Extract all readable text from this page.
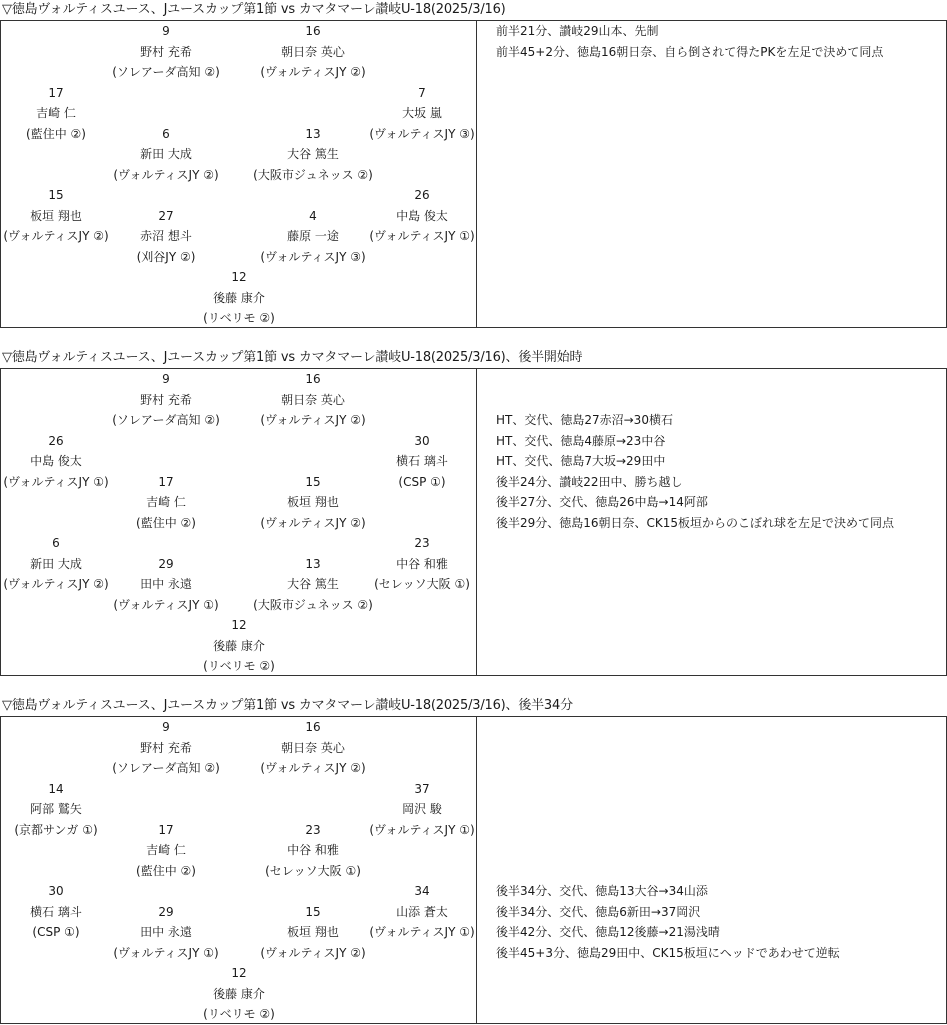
▽徳島ヴォルティスユース、Jユースカップ第1節 vs カマタマーレ讃岐U-18(2025/3/16)
9
野村 充希
(ソレアーダ高知 ②)
16
朝日奈 英心
(ヴォルティスJY ②)
17
吉崎 仁
(藍住中 ②)
7
大坂 嵐
(ヴォルティスJY ③)
6
新田 大成
(ヴォルティスJY ②)
13
大谷 篤生
(大阪市ジュネッス ②)
15
板垣 翔也
(ヴォルティスJY ②)
26
中島 俊太
(ヴォルティスJY ①)
27
赤沼 想斗
(刈谷JY ②)
4
藤原 一途
(ヴォルティスJY ③)
12
後藤 康介
(リベリモ ②)
前半21分、讃岐29山本、先制
前半45+2分、徳島16朝日奈、自ら倒されて得たPKを左足で決めて同点
▽徳島ヴォルティスユース、Jユースカップ第1節 vs カマタマーレ讃岐U-18(2025/3/16)、後半開始時
9
野村 充希
(ソレアーダ高知 ②)
16
朝日奈 英心
(ヴォルティスJY ②)
26
中島 俊太
(ヴォルティスJY ①)
30
横石 璃斗
(CSP ①)
17
吉崎 仁
(藍住中 ②)
15
板垣 翔也
(ヴォルティスJY ②)
6
新田 大成
(ヴォルティスJY ②)
23
中谷 和雅
(セレッソ大阪 ①)
29
田中 永遠
(ヴォルティスJY ①)
13
大谷 篤生
(大阪市ジュネッス ②)
12
後藤 康介
(リベリモ ②)
HT、交代、徳島27赤沼→30横石
HT、交代、徳島4藤原→23中谷
HT、交代、徳島7大坂→29田中
後半24分、讃岐22田中、勝ち越し
後半27分、交代、徳島26中島→14阿部
後半29分、徳島16朝日奈、CK15板垣からのこぼれ球を左足で決めて同点
▽徳島ヴォルティスユース、Jユースカップ第1節 vs カマタマーレ讃岐U-18(2025/3/16)、後半34分
9
野村 充希
(ソレアーダ高知 ②)
16
朝日奈 英心
(ヴォルティスJY ②)
14
阿部 鷲矢
(京都サンガ ①)
37
岡沢 駿
(ヴォルティスJY ①)
17
吉崎 仁
(藍住中 ②)
23
中谷 和雅
(セレッソ大阪 ①)
30
横石 璃斗
(CSP ①)
34
山添 蒼太
(ヴォルティスJY ①)
29
田中 永遠
(ヴォルティスJY ①)
15
板垣 翔也
(ヴォルティスJY ②)
12
後藤 康介
(リベリモ ②)
後半34分、交代、徳島13大谷→34山添
後半34分、交代、徳島6新田→37岡沢
後半42分、交代、徳島12後藤→21湯浅晴
後半45+3分、徳島29田中、CK15板垣にヘッドであわせて逆転
